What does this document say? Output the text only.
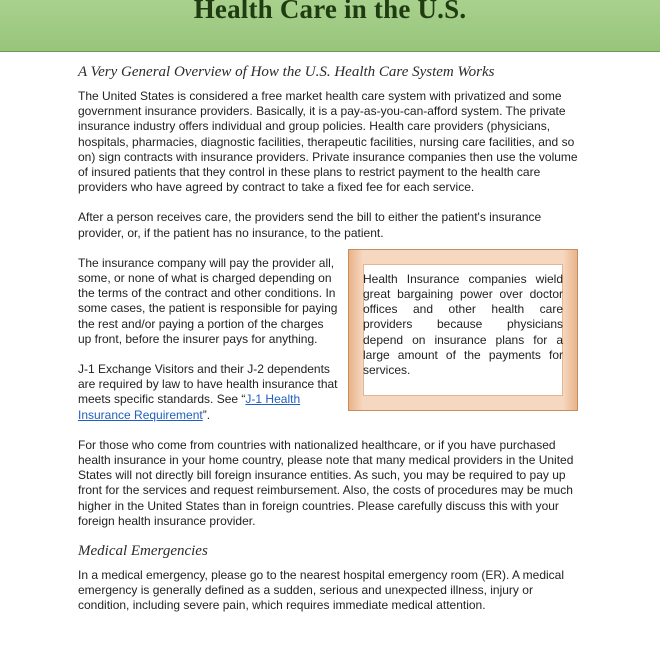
Health Care in the U.S.
A Very General Overview of How the U.S. Health Care System Works

The United States is considered a free market health care system with privatized and some government insurance providers. Basically, it is a pay-as-you-can-afford system. The private insurance industry offers individual and group policies. Health care providers (physicians, hospitals, pharmacies, diagnostic facilities, therapeutic facilities, nursing care facilities, and so on) sign contracts with insurance providers. Private insurance companies then use the volume of insured patients that they control in these plans to restrict payment to the health care providers who have agreed by contract to take a fixed fee for each service.

After a person receives care, the providers send the bill to either the patient's insurance provider, or, if the patient has no insurance, to the patient.

The insurance company will pay the provider all, some, or none of what is charged depending on the terms of the contract and other conditions. In some cases, the patient is responsible for paying the rest and/or paying a portion of the charges up front, before the insurer pays for anything.

J-1 Exchange Visitors and their J-2 dependents are required by law to have health insurance that meets specific standards. See “J-1 Health Insurance Requirement”.

Health Insurance companies wield great bargaining power over doctor offices and other health care providers because physicians depend on insurance plans for a large amount of the payments for services.

For those who come from countries with nationalized healthcare, or if you have purchased health insurance in your home country, please note that many medical providers in the United States will not directly bill foreign insurance entities. As such, you may be required to pay up front for the services and request reimbursement. Also, the costs of procedures may be much higher in the United States than in foreign countries. Please carefully discuss this with your foreign health insurance provider.

Medical Emergencies

In a medical emergency, please go to the nearest hospital emergency room (ER). A medical emergency is generally defined as a sudden, serious and unexpected illness, injury or condition, including severe pain, which requires immediate medical attention.
